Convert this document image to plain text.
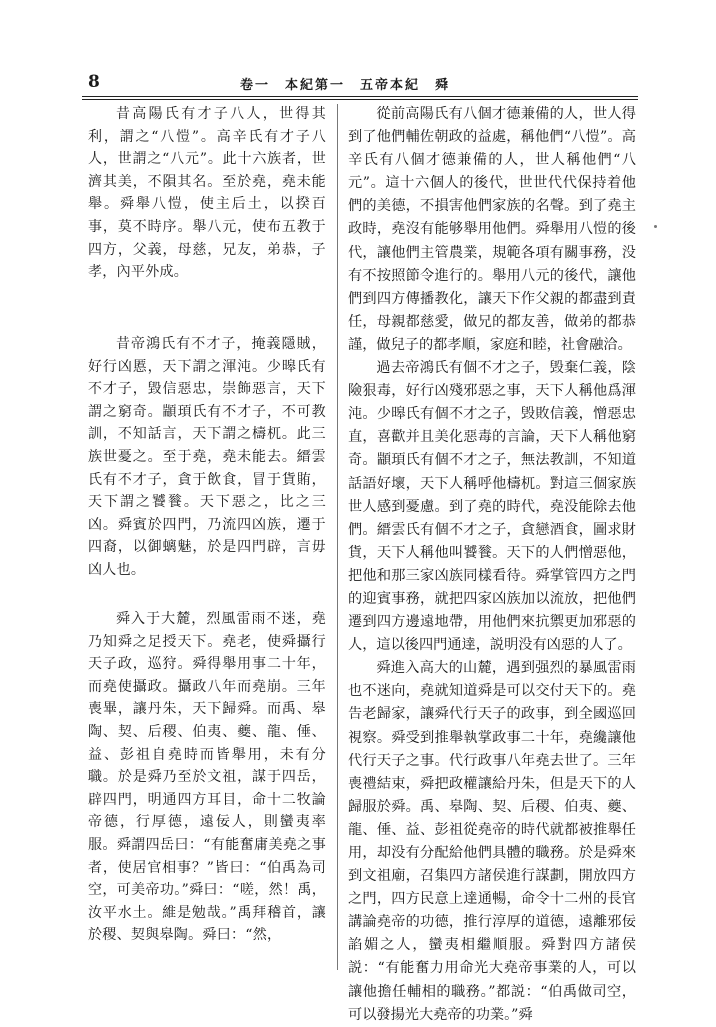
8	卷一　本紀第一　五帝本紀　舜

昔高陽氏有才子八人，世得其利，謂之“八愷”。高辛氏有才子八人，世謂之“八元”。此十六族者，世濟其美，不隕其名。至於堯，堯未能舉。舜舉八愷，使主后土，以揆百事，莫不時序。舉八元，使布五教于四方，父義，母慈，兄友，弟恭，子孝，內平外成。

昔帝鴻氏有不才子，掩義隱賊，好行凶慝，天下謂之渾沌。少暤氏有不才子，毀信惡忠，崇飾惡言，天下謂之窮奇。顓頊氏有不才子，不可教訓，不知話言，天下謂之檮杌。此三族世憂之。至于堯，堯未能去。縉雲氏有不才子，貪于飲食，冒于貨賄，天下謂之饕餮。天下惡之，比之三凶。舜賓於四門，乃流四凶族，遷于四裔，以御螭魅，於是四門辟，言毋凶人也。

舜入于大麓，烈風雷雨不迷，堯乃知舜之足授天下。堯老，使舜攝行天子政，巡狩。舜得舉用事二十年，而堯使攝政。攝政八年而堯崩。三年喪畢，讓丹朱，天下歸舜。而禹、皋陶、契、后稷、伯夷、夔、龍、倕、益、彭祖自堯時而皆舉用，未有分職。於是舜乃至於文祖，謀于四岳，辟四門，明通四方耳目，命十二牧論帝德，行厚德，遠佞人，則蠻夷率服。舜謂四岳曰：“有能奮庸美堯之事者，使居官相事？”皆曰：“伯禹為司空，可美帝功。”舜曰：“嗟，然！禹，汝平水土。維是勉哉。”禹拜稽首，讓於稷、契與皋陶。舜曰：“然，

從前高陽氏有八個才德兼備的人，世人得到了他們輔佐朝政的益處，稱他們“八愷”。高辛氏有八個才德兼備的人，世人稱他們“八元”。這十六個人的後代，世世代代保持着他們的美德，不損害他們家族的名聲。到了堯主政時，堯沒有能够舉用他們。舜舉用八愷的後代，讓他們主管農業，規範各項有關事務，没有不按照節令進行的。舉用八元的後代，讓他們到四方傳播教化，讓天下作父親的都盡到責任，母親都慈愛，做兄的都友善，做弟的都恭謹，做兒子的都孝順，家庭和睦，社會融洽。

過去帝鴻氏有個不才之子，毁棄仁義，陰險狠毒，好行凶殘邪惡之事，天下人稱他爲渾沌。少暤氏有個不才之子，毁敗信義，憎惡忠直，喜歡并且美化惡毒的言論，天下人稱他窮奇。顓頊氏有個不才之子，無法教訓，不知道話語好壞，天下人稱呼他檮杌。對這三個家族世人感到憂慮。到了堯的時代，堯没能除去他們。縉雲氏有個不才之子，貪戀酒食，圖求財貨，天下人稱他叫饕餮。天下的人們憎惡他，把他和那三家凶族同樣看待。舜掌管四方之門的迎賓事務，就把四家凶族加以流放，把他們遷到四方邊遠地帶，用他們來抗禦更加邪惡的人，這以後四門通達，説明没有凶惡的人了。

舜進入高大的山麓，遇到强烈的暴風雷雨也不迷向，堯就知道舜是可以交付天下的。堯告老歸家，讓舜代行天子的政事，到全國巡回視察。舜受到推舉執掌政事二十年，堯纔讓他代行天子之事。代行政事八年堯去世了。三年喪禮結束，舜把政權讓給丹朱，但是天下的人歸服於舜。禹、皋陶、契、后稷、伯夷、夔、龍、倕、益、彭祖從堯帝的時代就都被推舉任用，却没有分配給他們具體的職務。於是舜來到文祖廟，召集四方諸侯進行謀劃，開放四方之門，四方民意上達通暢，命令十二州的長官講論堯帝的功德，推行淳厚的道德，遠離邪佞諂媚之人，蠻夷相繼順服。舜對四方諸侯説：“有能奮力用命光大堯帝事業的人，可以讓他擔任輔相的職務。”都説：“伯禹做司空，可以發揚光大堯帝的功業。”舜
